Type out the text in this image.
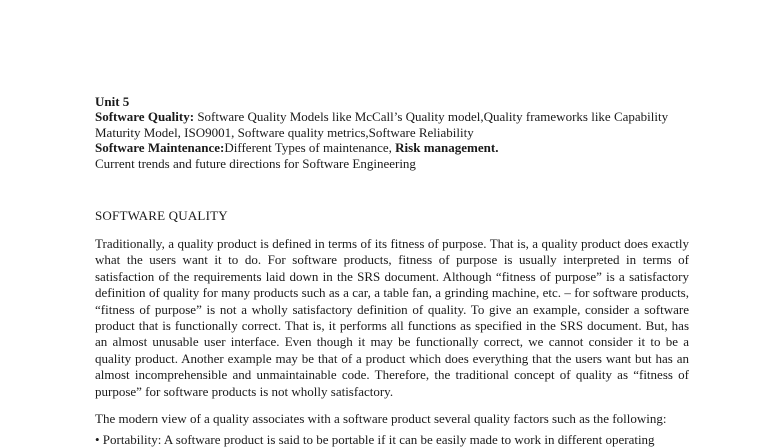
Unit 5
Software Quality: Software Quality Models like McCall’s Quality model,Quality frameworks like Capability Maturity Model, ISO9001, Software quality metrics,Software Reliability
Software Maintenance:Different Types of maintenance, Risk management.
Current trends and future directions for Software Engineering
SOFTWARE QUALITY

Traditionally, a quality product is defined in terms of its fitness of purpose. That is, a quality product does exactly what the users want it to do. For software products, fitness of purpose is usually interpreted in terms of satisfaction of the requirements laid down in the SRS document. Although “fitness of purpose” is a satisfactory definition of quality for many products such as a car, a table fan, a grinding machine, etc. – for software products, “fitness of purpose” is not a wholly satisfactory definition of quality. To give an example, consider a software product that is functionally correct. That is, it performs all functions as specified in the SRS document. But, has an almost unusable user interface. Even though it may be functionally correct, we cannot consider it to be a quality product. Another example may be that of a product which does everything that the users want but has an almost incomprehensible and unmaintainable code. Therefore, the traditional concept of quality as “fitness of purpose” for software products is not wholly satisfactory.

The modern view of a quality associates with a software product several quality factors such as the following:

• Portability: A software product is said to be portable if it can be easily made to work in different operating
